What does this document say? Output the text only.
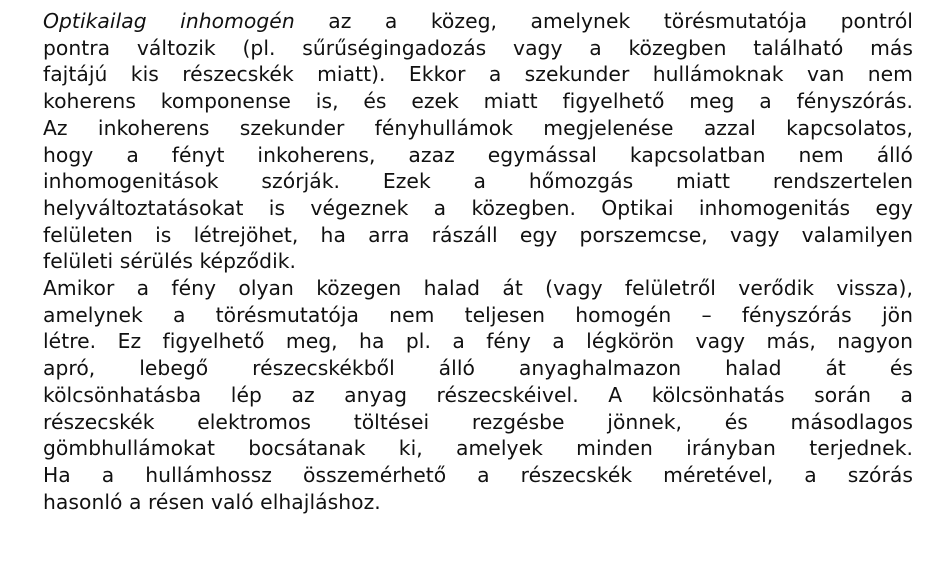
Optikailag inhomogén az a közeg, amelynek törésmutatója pontról
pontra változik (pl. sűrűségingadozás vagy a közegben található más
fajtájú kis részecskék miatt). Ekkor a szekunder hullámoknak van nem
koherens komponense is, és ezek miatt figyelhető meg a fényszórás.
Az inkoherens szekunder fényhullámok megjelenése azzal kapcsolatos,
hogy a fényt inkoherens, azaz egymással kapcsolatban nem álló
inhomogenitások szórják. Ezek a hőmozgás miatt rendszertelen
helyváltoztatásokat is végeznek a közegben. Optikai inhomogenitás egy
felületen is létrejöhet, ha arra rászáll egy porszemcse, vagy valamilyen
felületi sérülés képződik.

Amikor a fény olyan közegen halad át (vagy felületről verődik vissza),
amelynek a törésmutatója nem teljesen homogén – fényszórás jön
létre. Ez figyelhető meg, ha pl. a fény a légkörön vagy más, nagyon
apró, lebegő részecskékből álló anyaghalmazon halad át és
kölcsönhatásba lép az anyag részecskéivel. A kölcsönhatás során a
részecskék elektromos töltései rezgésbe jönnek, és másodlagos
gömbhullámokat bocsátanak ki, amelyek minden irányban terjednek.
Ha a hullámhossz összemérhető a részecskék méretével, a szórás
hasonló a résen való elhajláshoz.
